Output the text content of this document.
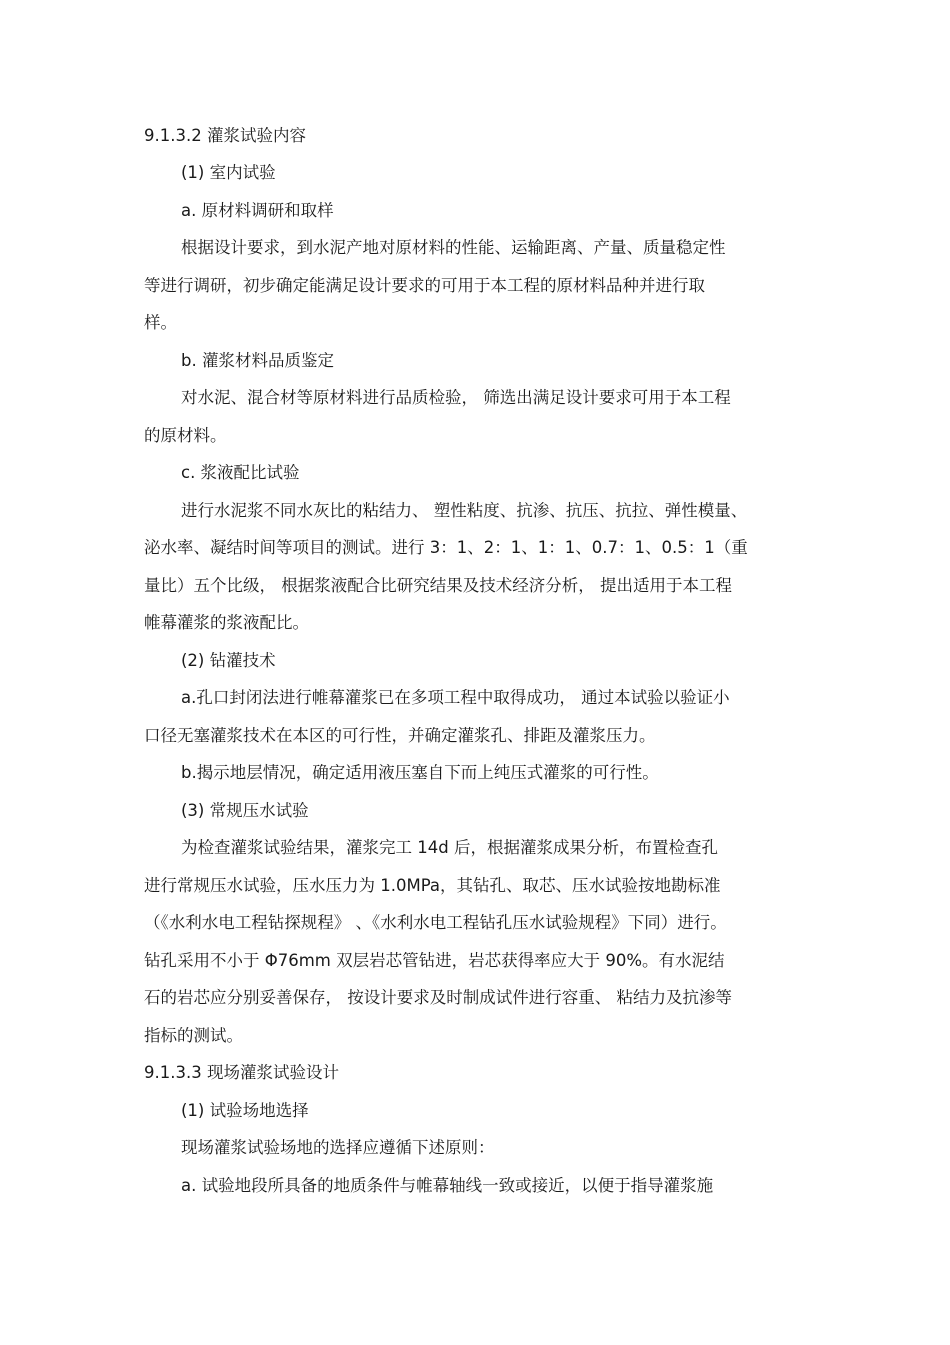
9.1.3.2 灌浆试验内容
(1) 室内试验
a. 原材料调研和取样
根据设计要求，到水泥产地对原材料的性能、运输距离、产量、质量稳定性
等进行调研，初步确定能满足设计要求的可用于本工程的原材料品种并进行取
样。
b. 灌浆材料品质鉴定
对水泥、混合材等原材料进行品质检验， 筛选出满足设计要求可用于本工程
的原材料。
c. 浆液配比试验
进行水泥浆不同水灰比的粘结力、 塑性粘度、抗渗、抗压、抗拉、弹性模量、
泌水率、凝结时间等项目的测试。进行 3：1、2：1、1：1、0.7：1、0.5：1（重
量比）五个比级， 根据浆液配合比研究结果及技术经济分析， 提出适用于本工程
帷幕灌浆的浆液配比。
(2) 钻灌技术
a.孔口封闭法进行帷幕灌浆已在多项工程中取得成功， 通过本试验以验证小
口径无塞灌浆技术在本区的可行性，并确定灌浆孔、排距及灌浆压力。
b.揭示地层情况，确定适用液压塞自下而上纯压式灌浆的可行性。
(3) 常规压水试验
为检查灌浆试验结果，灌浆完工 14d 后，根据灌浆成果分析，布置检查孔
进行常规压水试验，压水压力为 1.0MPa，其钻孔、取芯、压水试验按地勘标准
（《水利水电工程钻探规程》 、《水利水电工程钻孔压水试验规程》下同）进行。
钻孔采用不小于 Φ76mm 双层岩芯管钻进，岩芯获得率应大于 90%。有水泥结
石的岩芯应分别妥善保存， 按设计要求及时制成试件进行容重、 粘结力及抗渗等
指标的测试。
9.1.3.3 现场灌浆试验设计
(1) 试验场地选择
现场灌浆试验场地的选择应遵循下述原则：
a. 试验地段所具备的地质条件与帷幕轴线一致或接近，以便于指导灌浆施
